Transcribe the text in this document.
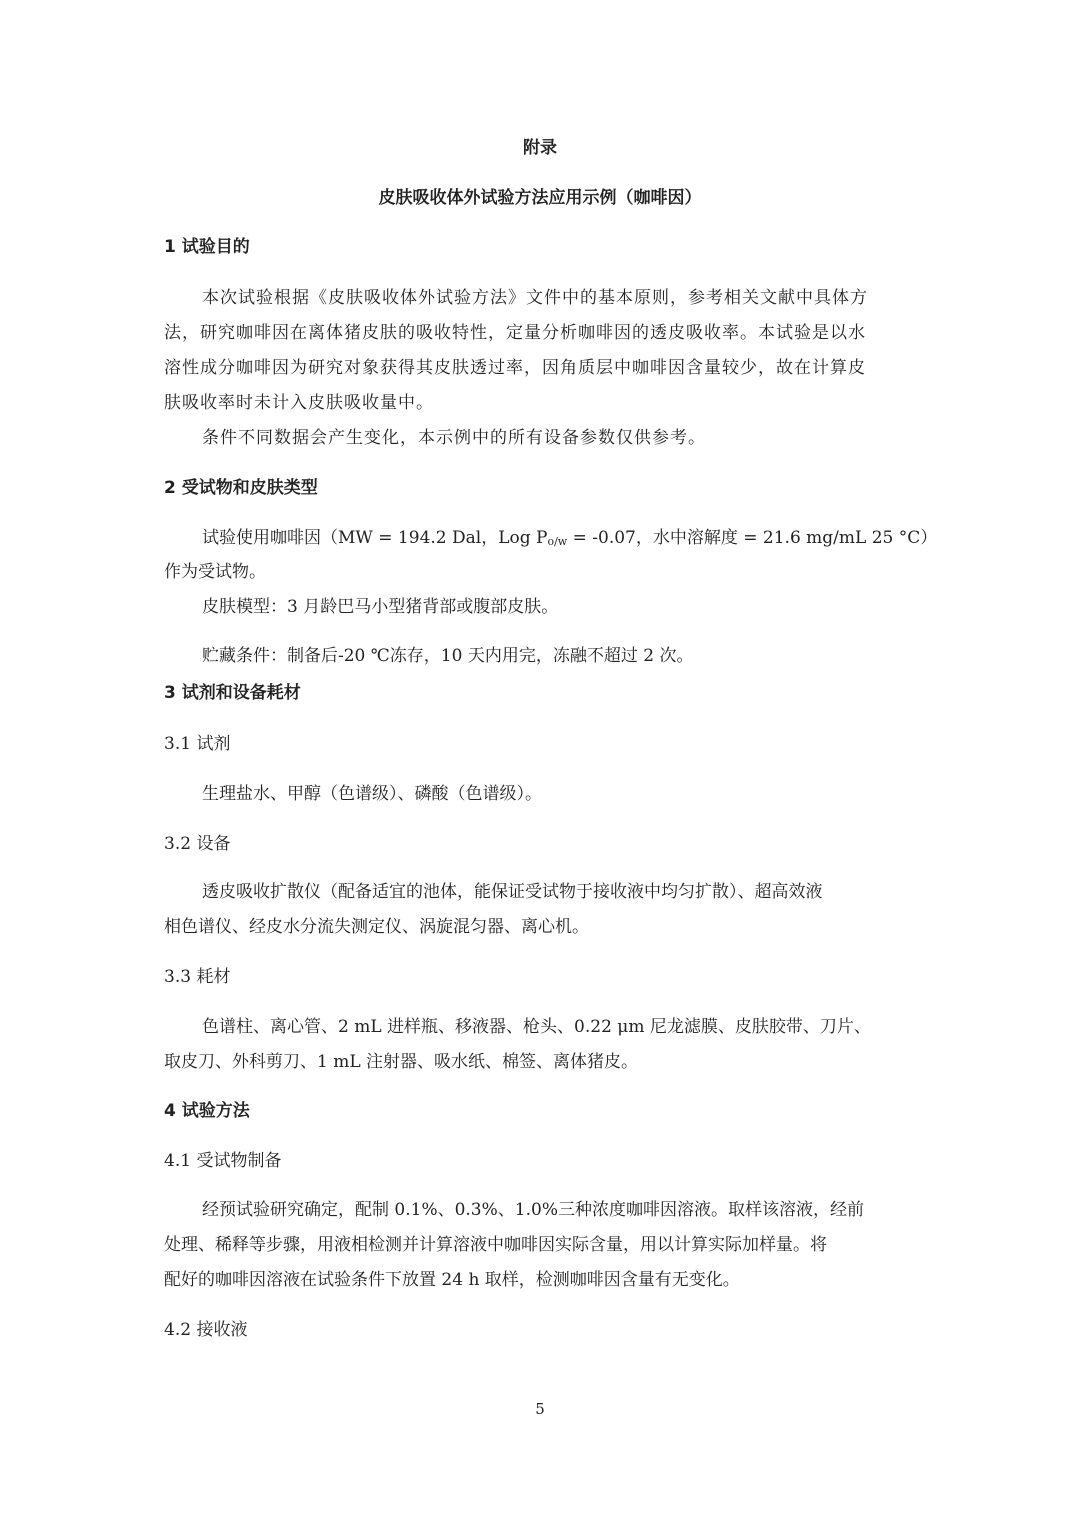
附录
皮肤吸收体外试验方法应用示例（咖啡因）
1 试验目的
本次试验根据《皮肤吸收体外试验方法》文件中的基本原则，参考相关文献中具体方
法，研究咖啡因在离体猪皮肤的吸收特性，定量分析咖啡因的透皮吸收率。本试验是以水
溶性成分咖啡因为研究对象获得其皮肤透过率，因角质层中咖啡因含量较少，故在计算皮
肤吸收率时未计入皮肤吸收量中。
条件不同数据会产生变化，本示例中的所有设备参数仅供参考。
2 受试物和皮肤类型
试验使用咖啡因（MW = 194.2 Dal，Log Po/w = -0.07，水中溶解度 = 21.6 mg/mL 25 °C）
作为受试物。
皮肤模型：3 月龄巴马小型猪背部或腹部皮肤。
贮藏条件：制备后-20 ℃冻存，10 天内用完，冻融不超过 2 次。
3 试剂和设备耗材
3.1 试剂
生理盐水、甲醇（色谱级）、磷酸（色谱级）。
3.2 设备
透皮吸收扩散仪（配备适宜的池体，能保证受试物于接收液中均匀扩散）、超高效液
相色谱仪、经皮水分流失测定仪、涡旋混匀器、离心机。
3.3 耗材
色谱柱、离心管、2 mL 进样瓶、移液器、枪头、0.22 μm 尼龙滤膜、皮肤胶带、刀片、
取皮刀、外科剪刀、1 mL 注射器、吸水纸、棉签、离体猪皮。
4 试验方法
4.1 受试物制备
经预试验研究确定，配制 0.1%、0.3%、1.0%三种浓度咖啡因溶液。取样该溶液，经前
处理、稀释等步骤，用液相检测并计算溶液中咖啡因实际含量，用以计算实际加样量。将
配好的咖啡因溶液在试验条件下放置 24 h 取样，检测咖啡因含量有无变化。
4.2 接收液
5
